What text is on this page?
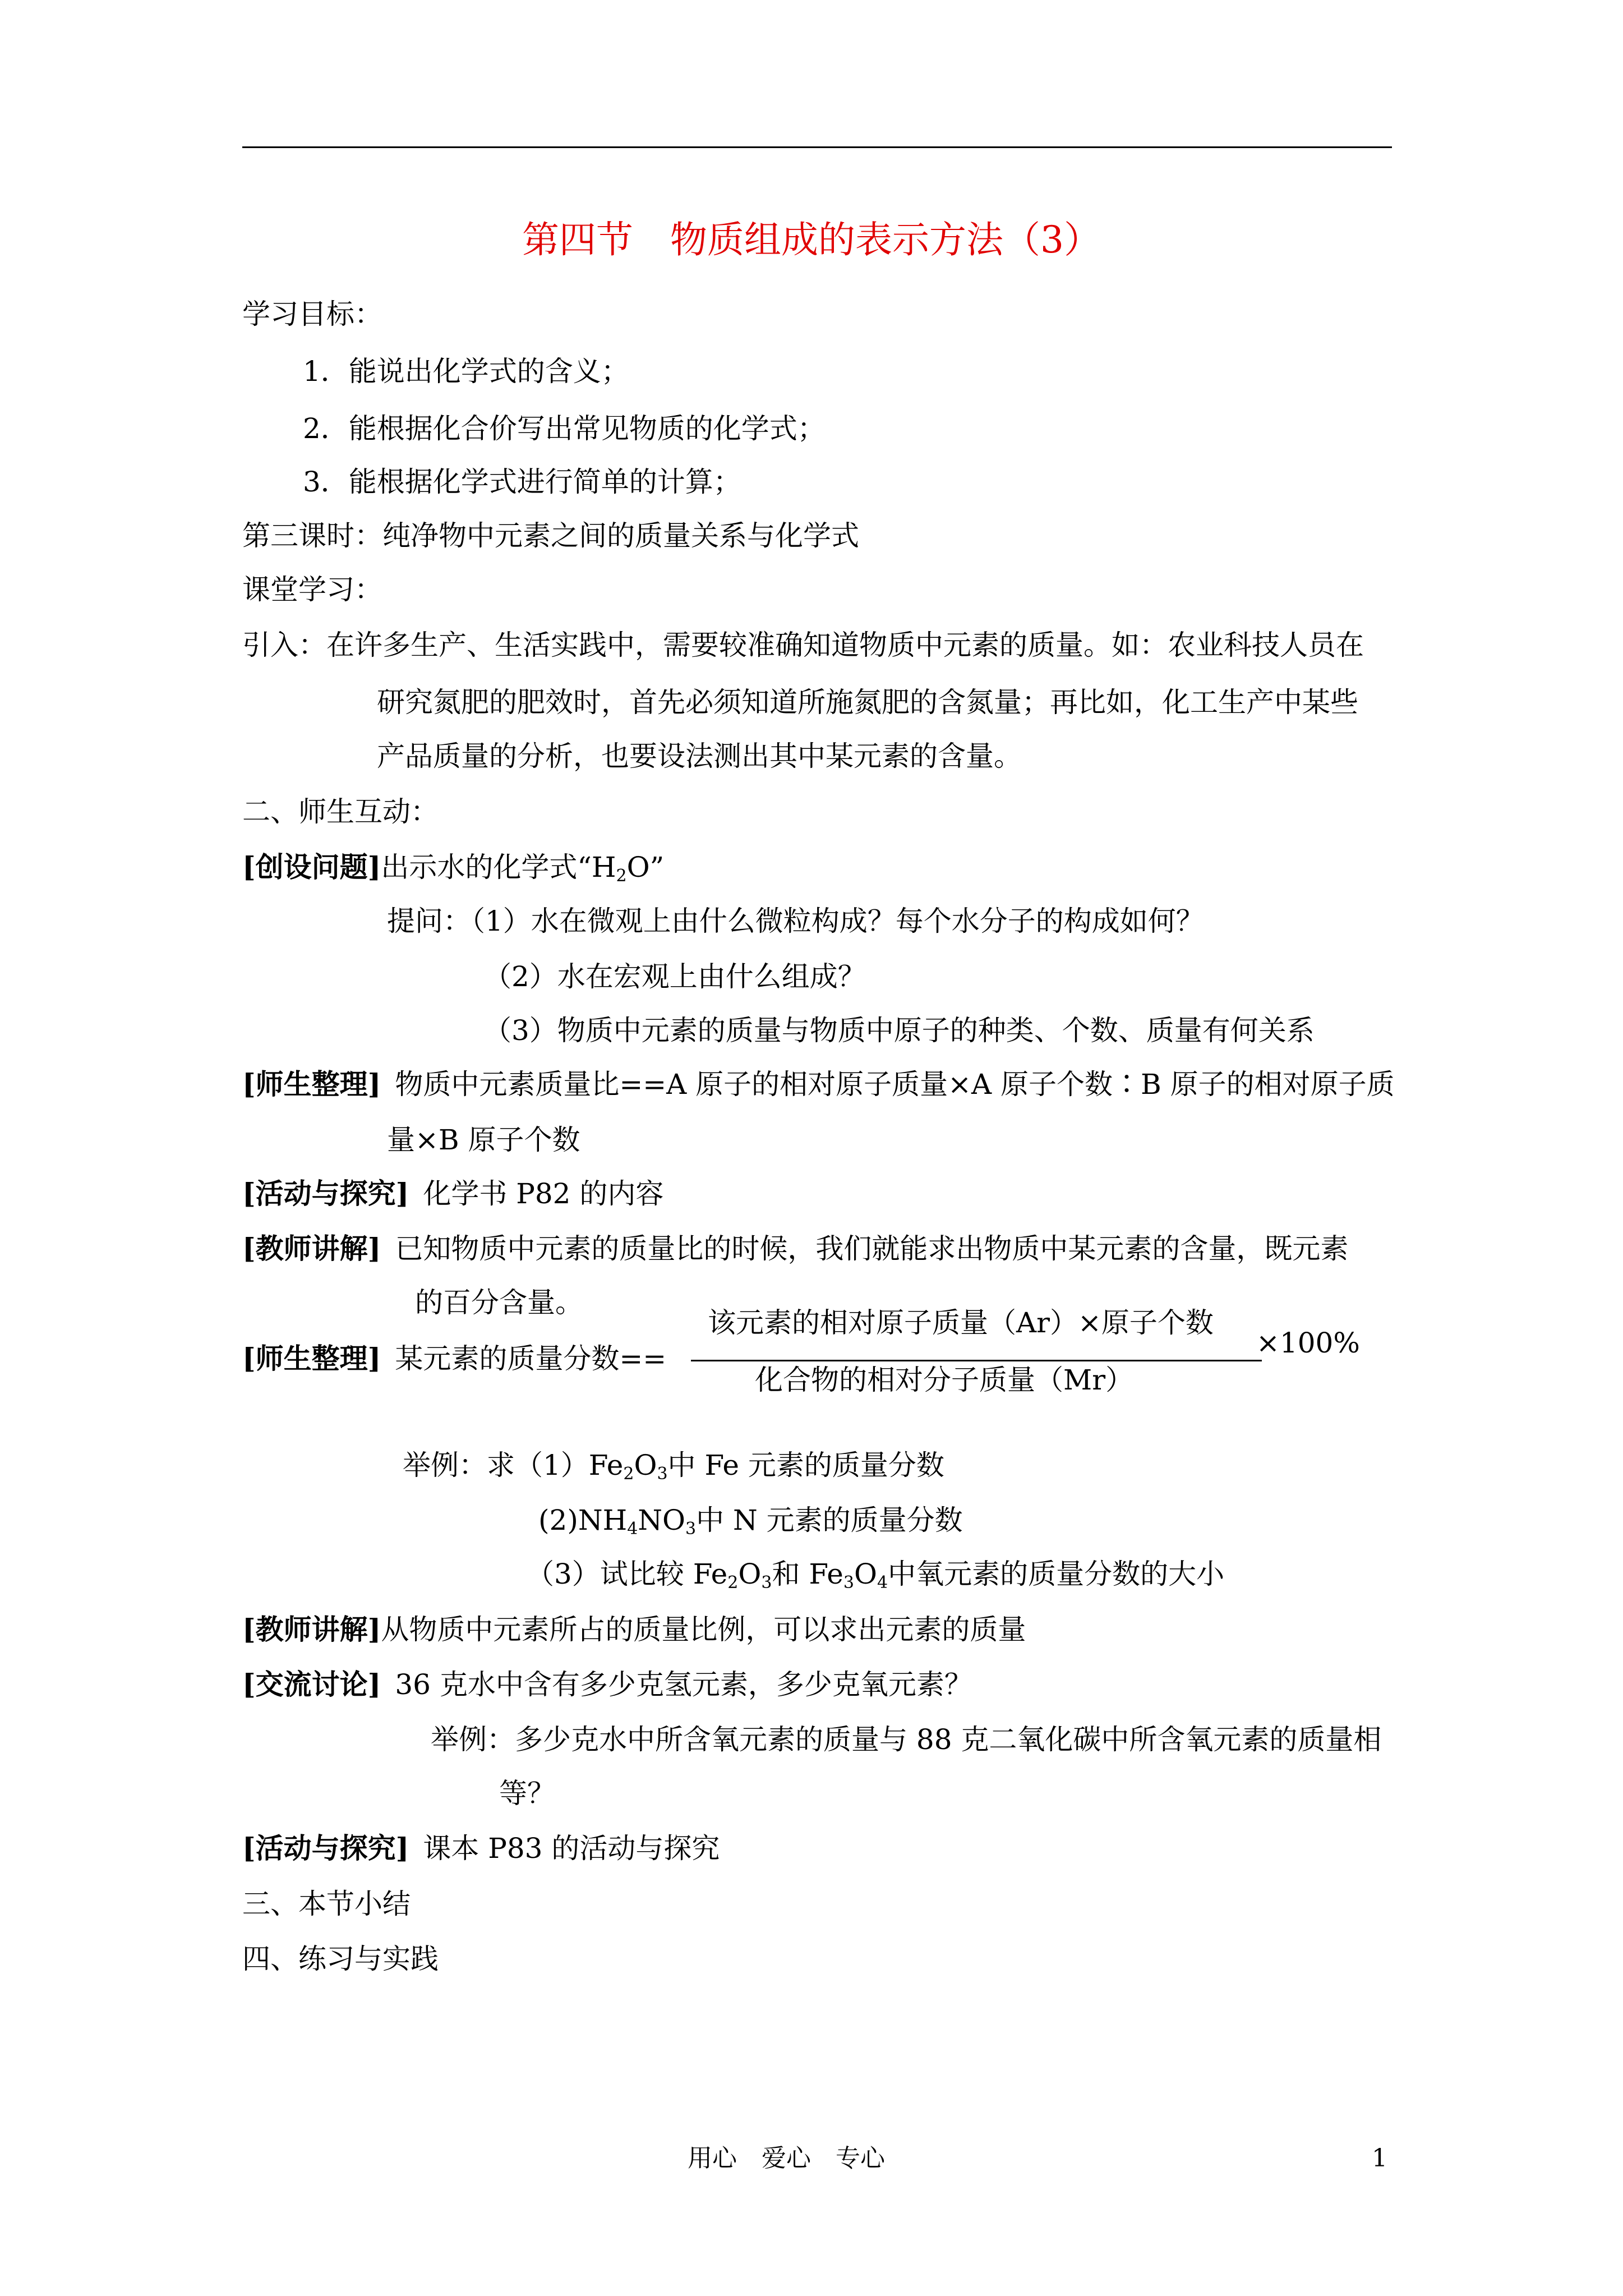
第四节　物质组成的表示方法（3）
学习目标：
1．能说出化学式的含义；
2．能根据化合价写出常见物质的化学式；
3．能根据化学式进行简单的计算；
第三课时：纯净物中元素之间的质量关系与化学式
课堂学习：
引入：在许多生产、生活实践中，需要较准确知道物质中元素的质量。如：农业科技人员在
研究氮肥的肥效时，首先必须知道所施氮肥的含氮量；再比如，化工生产中某些
产品质量的分析，也要设法测出其中某元素的含量。
二、师生互动：
[创设问题]出示水的化学式“$H_2O$”
提问：（1）水在微观上由什么微粒构成？每个水分子的构成如何？
（2）水在宏观上由什么组成？
（3）物质中元素的质量与物质中原子的种类、个数、质量有何关系
[师生整理]  物质中元素质量比==A 原子的相对原子质量×A 原子个数∶B 原子的相对原子质
量×B 原子个数
[活动与探究]  化学书 P82 的内容
[教师讲解]  已知物质中元素的质量比的时候，我们就能求出物质中某元素的含量，既元素
的百分含量。
[师生整理]  某元素的质量分数==
该元素的相对原子质量（Ar）×原子个数
化合物的相对分子质量（Mr）
×100%
举例：求$(1)Fe_2O_3$中 Fe 元素的质量分数
$(2)NH_4NO_3$中 N 元素的质量分数
（3）试比较 $Fe_2O_3$和 $Fe_3O_4$中氧元素的质量分数的大小
[教师讲解]从物质中元素所占的质量比例，可以求出元素的质量
[交流讨论]  36 克水中含有多少克氢元素，多少克氧元素？
举例：多少克水中所含氧元素的质量与 88 克二氧化碳中所含氧元素的质量相
等？
[活动与探究]  课本 P83 的活动与探究
三、本节小结
四、练习与实践
用心　爱心　专心	1
